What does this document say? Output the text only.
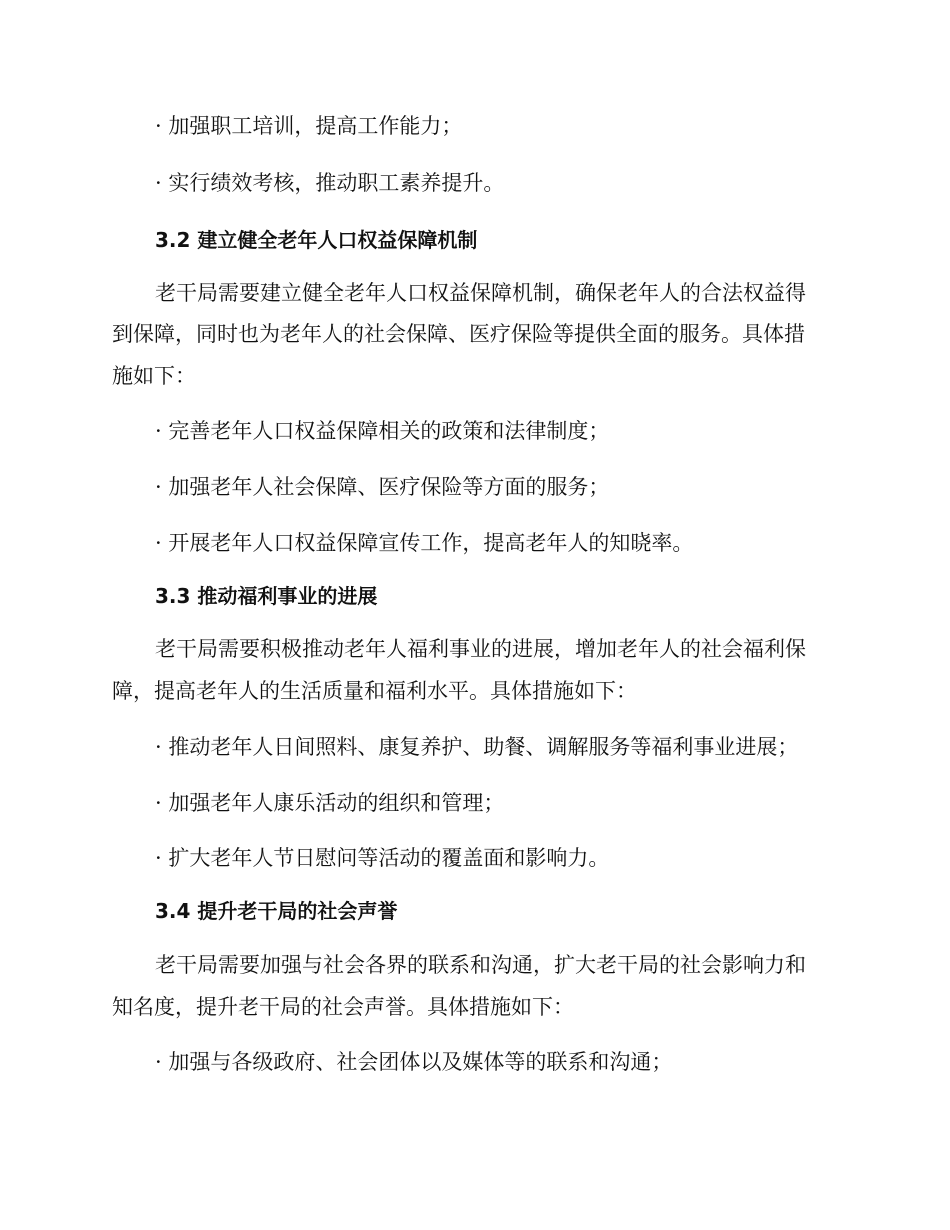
· 加强职工培训，提高工作能力；

· 实行绩效考核，推动职工素养提升。

3.2 建立健全老年人口权益保障机制

老干局需要建立健全老年人口权益保障机制，确保老年人的合法权益得

到保障，同时也为老年人的社会保障、医疗保险等提供全面的服务。具体措

施如下：

· 完善老年人口权益保障相关的政策和法律制度；

· 加强老年人社会保障、医疗保险等方面的服务；

· 开展老年人口权益保障宣传工作，提高老年人的知晓率。

3.3 推动福利事业的进展

老干局需要积极推动老年人福利事业的进展，增加老年人的社会福利保

障，提高老年人的生活质量和福利水平。具体措施如下：

· 推动老年人日间照料、康复养护、助餐、调解服务等福利事业进展；

· 加强老年人康乐活动的组织和管理；

· 扩大老年人节日慰问等活动的覆盖面和影响力。

3.4 提升老干局的社会声誉

老干局需要加强与社会各界的联系和沟通，扩大老干局的社会影响力和

知名度，提升老干局的社会声誉。具体措施如下：

· 加强与各级政府、社会团体以及媒体等的联系和沟通；
